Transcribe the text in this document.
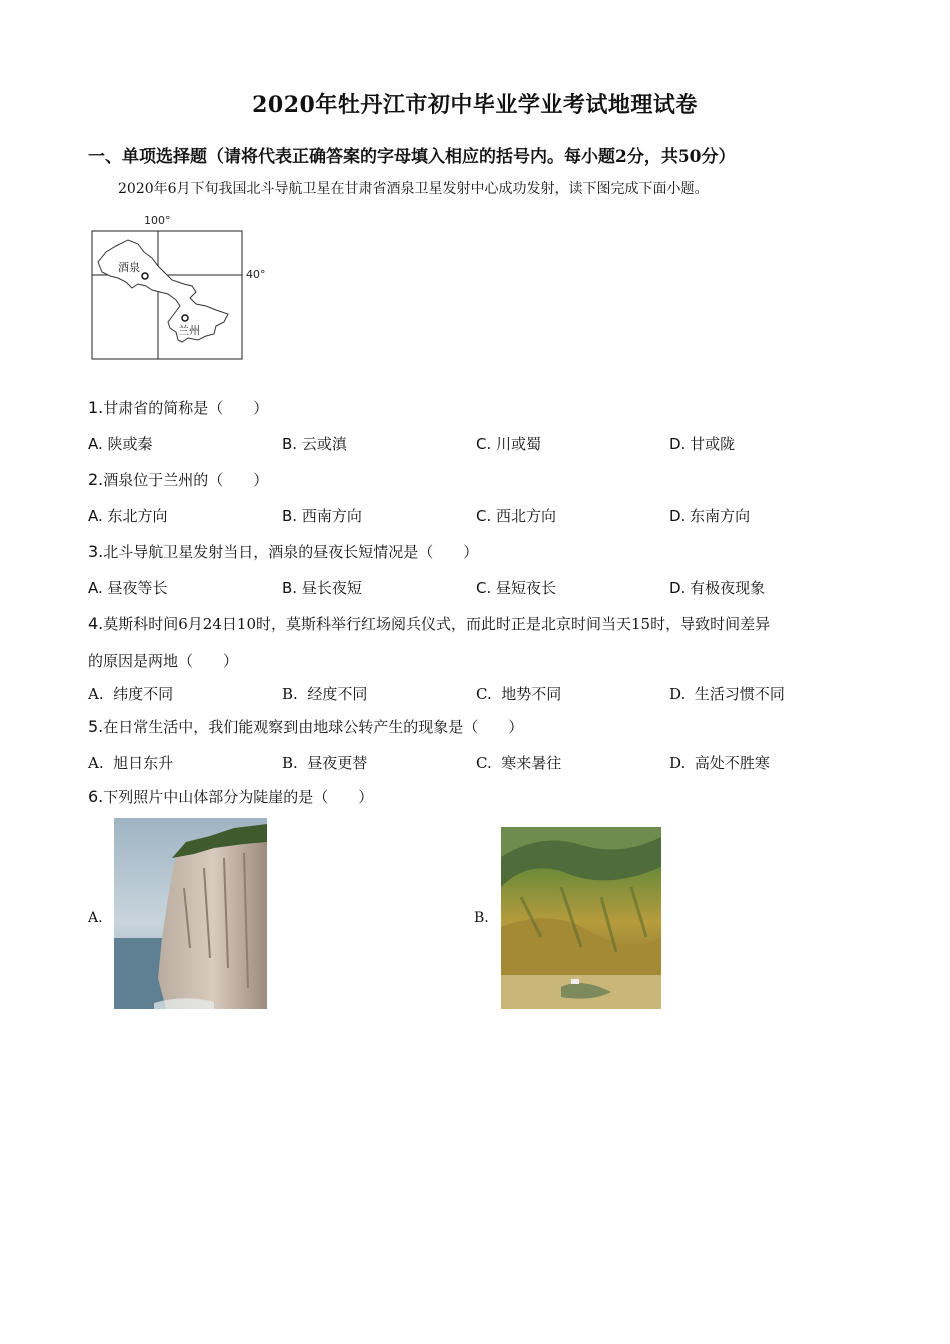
2020年牡丹江市初中毕业学业考试地理试卷
一、单项选择题（请将代表正确答案的字母填入相应的括号内。每小题2分，共50分）
2020年6月下旬我国北斗导航卫星在甘肃省酒泉卫星发射中心成功发射，读下图完成下面小题。
100°
40°
酒泉
兰州
1.甘肃省的简称是（　　）
A. 陕或秦	B. 云或滇	C. 川或蜀	D. 甘或陇
2.酒泉位于兰州的（　　）
A. 东北方向	B. 西南方向	C. 西北方向	D. 东南方向
3.北斗导航卫星发射当日，酒泉的昼夜长短情况是（　　）
A. 昼夜等长	B. 昼长夜短	C. 昼短夜长	D. 有极夜现象
4.莫斯科时间6月24日10时，莫斯科举行红场阅兵仪式，而此时正是北京时间当天15时，导致时间差异
的原因是两地（　　）
A. 纬度不同	B. 经度不同	C. 地势不同	D. 生活习惯不同
5.在日常生活中，我们能观察到由地球公转产生的现象是（　　）
A. 旭日东升	B. 昼夜更替	C. 寒来暑往	D. 高处不胜寒
6.下列照片中山体部分为陡崖的是（　　）
A.	B.
